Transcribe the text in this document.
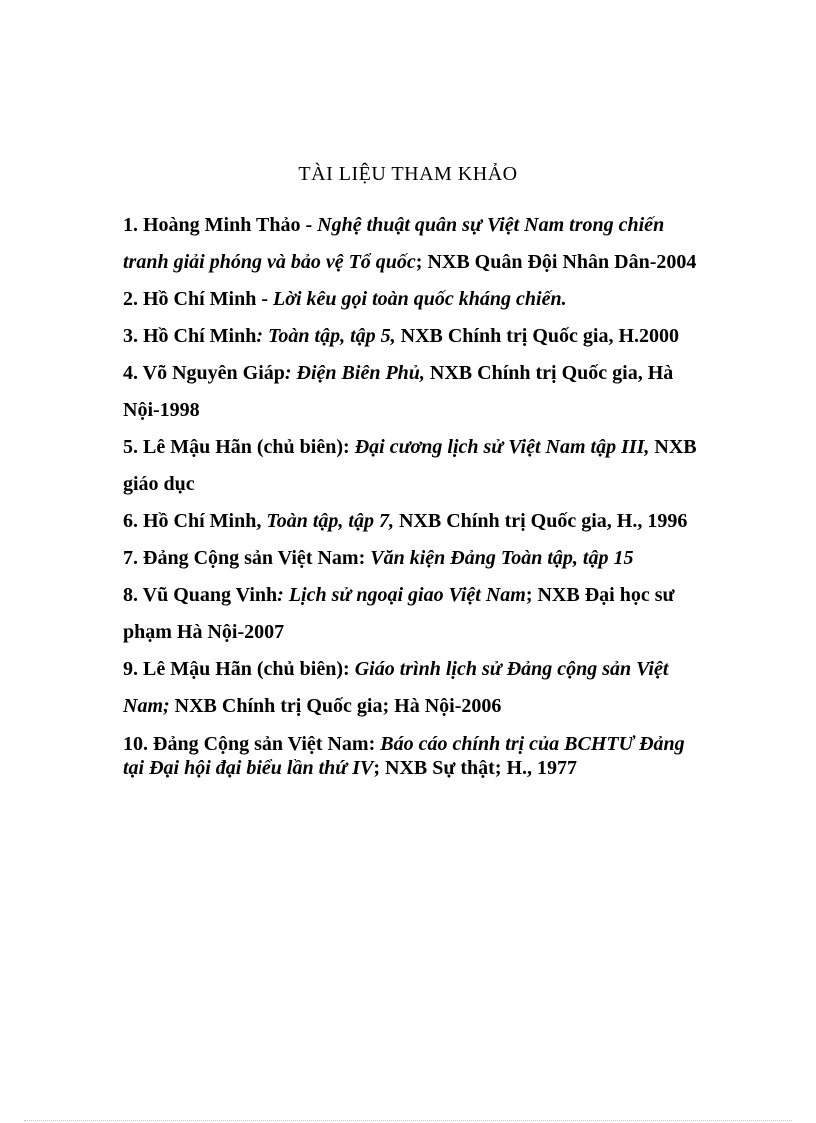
TÀI LIỆU THAM KHẢO

1. Hoàng Minh Thảo - Nghệ thuật quân sự Việt Nam trong chiến tranh giải phóng và bảo vệ Tổ quốc; NXB Quân Đội Nhân Dân-2004

2. Hồ Chí Minh - Lời kêu gọi toàn quốc kháng chiến.

3. Hồ Chí Minh: Toàn tập, tập 5, NXB Chính trị Quốc gia, H.2000

4. Võ Nguyên Giáp: Điện Biên Phủ, NXB Chính trị Quốc gia, Hà Nội-1998

5. Lê Mậu Hãn (chủ biên): Đại cương lịch sử Việt Nam tập III, NXB giáo dục

6. Hồ Chí Minh, Toàn tập, tập 7, NXB Chính trị Quốc gia, H., 1996

7. Đảng Cộng sản Việt Nam: Văn kiện Đảng Toàn tập, tập 15

8. Vũ Quang Vinh: Lịch sử ngoại giao Việt Nam; NXB Đại học sư phạm Hà Nội-2007

9. Lê Mậu Hãn (chủ biên): Giáo trình lịch sử Đảng cộng sản Việt Nam; NXB Chính trị Quốc gia; Hà Nội-2006

10. Đảng Cộng sản Việt Nam: Báo cáo chính trị của BCHTƯ Đảng tại Đại hội đại biểu lần thứ IV; NXB Sự thật; H., 1977
